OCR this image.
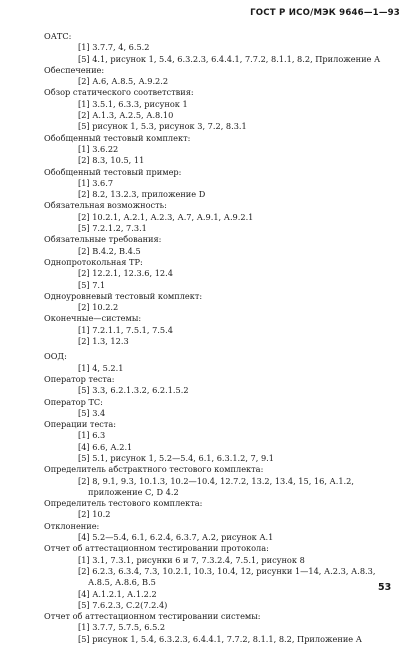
ГОСТ Р ИСО/МЭК 9646—1—93
ОАТС:
[1] 3.7.7, 4, 6.5.2
[5] 4.1, рисунок 1, 5.4, 6.3.2.3, 6.4.4.1, 7.7.2, 8.1.1, 8.2, Приложение А
Обеспечение:
[2] А.6, А.8.5, А.9.2.2
Обзор статического соответствия:
[1] 3.5.1, 6.3.3, рисунок 1
[2] А.1.3, А.2.5, А.8.10
[5] рисунок 1, 5.3, рисунок 3, 7.2, 8.3.1
Обобщенный тестовый комплект:
[1] 3.6.22
[2] 8.3, 10.5, 11
Обобщенный тестовый пример:
[1] 3.6.7
[2] 8.2, 13.2.3, приложение D
Обязательная возможность:
[2] 10.2.1, А.2.1, А.2.3, А.7, А.9.1, А.9.2.1
[5] 7.2.1.2, 7.3.1
Обязательные требования:
[2] В.4.2, В.4.5
Однопротокольная ТР:
[2] 12.2.1, 12.3.6, 12.4
[5] 7.1
Одноуровневый тестовый комплект:
[2] 10.2.2
Оконечные—системы:
[1] 7.2.1.1, 7.5.1, 7.5.4
[2] 1.3, 12.3
ООД:
[1] 4, 5.2.1
Оператор теста:
[5] 3.3, 6.2.1.3.2, 6.2.1.5.2
Оператор ТС:
[5] 3.4
Операции теста:
[1] 6.3
[4] 6.6, А.2.1
[5] 5.1, рисунок 1, 5.2—5.4, 6.1, 6.3.1.2, 7, 9.1
Определитель абстрактного тестового комплекта:
[2] 8, 9.1, 9.3, 10.1.3, 10.2—10.4, 12.7.2, 13.2, 13.4, 15, 16, А.1.2, приложение С, D 4.2
Определитель тестового комплекта:
[2] 10.2
Отклонение:
[4] 5.2—5.4, 6.1, 6.2.4, 6.3.7, А.2, рисунок А.1
Отчет об аттестационном тестировании протокола:
[1] 3.1, 7.3.1, рисунки 6 и 7, 7.3.2.4, 7.5.1, рисунок 8
[2] 6.2.3, 6.3.4, 7.3, 10.2.1, 10.3, 10.4, 12, рисунки 1—14, А.2.3, А.8.3, А.8.5, А.8.6, В.5
[4] А.1.2.1, А.1.2.2
[5] 7.6.2.3, С.2(7.2.4)
Отчет об аттестационном тестировании системы:
[1] 3.7.7, 5.7.5, 6.5.2
[5] рисунок 1, 5.4, 6.3.2.3, 6.4.4.1, 7.7.2, 8.1.1, 8.2, Приложение А
53
